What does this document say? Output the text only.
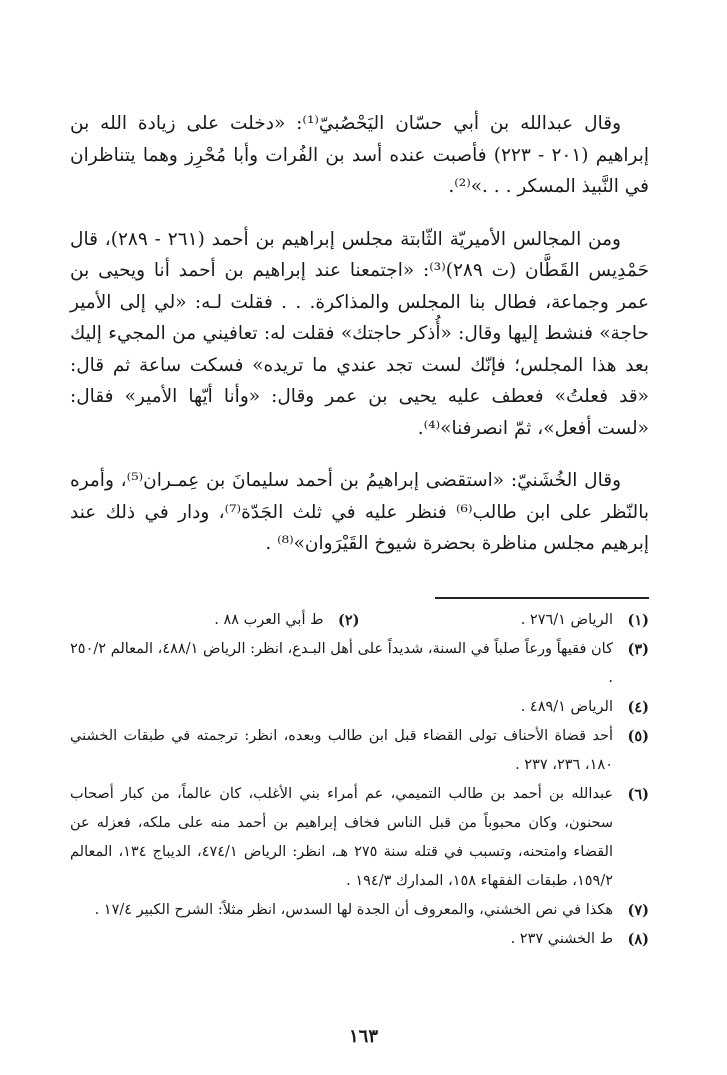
وقال عبدالله بن أبي حسّان اليَحْصُبيّ⁽¹⁾: «دخلت على زيادة الله بن إبراهيم (٢٠١ - ٢٢٣) فأصبت عنده أسد بن الفُرات وأبا مُحْرِز وهما يتناظران في النَّبيذ المسكر . . .»⁽²⁾.

ومن المجالس الأميريّة الثّابتة مجلس إبراهيم بن أحمد (٢٦١ - ٢٨٩)، قال حَمْدِيس القَطَّان (ت ٢٨٩)⁽³⁾: «اجتمعنا عند إبراهيم بن أحمد أنا ويحيى بن عمر وجماعة، فطال بنا المجلس والمذاكرة. . . فقلت لـه: «لي إلى الأمير حاجة» فنشط إليها وقال: «أُذكر حاجتك» فقلت له: تعافيني من المجيء إليك بعد هذا المجلس؛ فإنّك لست تجد عندي ما تريده» فسكت ساعة ثم قال: «قد فعلتُ» فعطف عليه يحيى بن عمر وقال: «وأنا أيّها الأمير» فقال: «لست أفعل»، ثمّ انصرفنا»⁽⁴⁾.

وقال الخُشَنيّ: «استقضى إبراهيمُ بن أحمد سليمانَ بن عِمـران⁽⁵⁾، وأمره بالنّظر على ابن طالب⁽⁶⁾ فنظر عليه في ثلث الجَدّة⁽⁷⁾، ودار في ذلك عند إبرهيم مجلس مناظرة بحضرة شيوخ القَيْرَوان»⁽⁸⁾ .

(١)
الرياض ٢٧٦/١ .
(٢)
ط أبي العرب ٨٨ .
(٣)
كان فقيهاً ورعاً صلباً في السنة، شديداً على أهل البـدع، انظر: الرياض ٤٨٨/١، المعالم ٢٥٠/٢ .
(٤)
الرياض ٤٨٩/١ .
(٥)
أحد قضاة الأحناف تولى القضاء قبل ابن طالب وبعده، انظر: ترجمته في طبقات الخشني ١٨٠، ٢٣٦، ٢٣٧ .
(٦)
عبدالله بن أحمد بن طالب التميمي، عم أمراء بني الأغلب، كان عالماً، من كبار أصحاب سحنون، وكان محبوباً من قبل الناس فخاف إبراهيم بن أحمد منه على ملكه، فعزله عن القضاء وامتحنه، وتسبب في قتله سنة ٢٧٥ هـ، انظر: الرياض ٤٧٤/١، الديباج ١٣٤، المعالم ١٥٩/٢، طبقات الفقهاء ١٥٨، المدارك ١٩٤/٣ .
(٧)
هكذا في نص الخشني، والمعروف أن الجدة لها السدس، انظر مثلاً: الشرح الكبير ١٧/٤ .
(٨)
ط الخشني ٢٣٧ .
١٦٣
